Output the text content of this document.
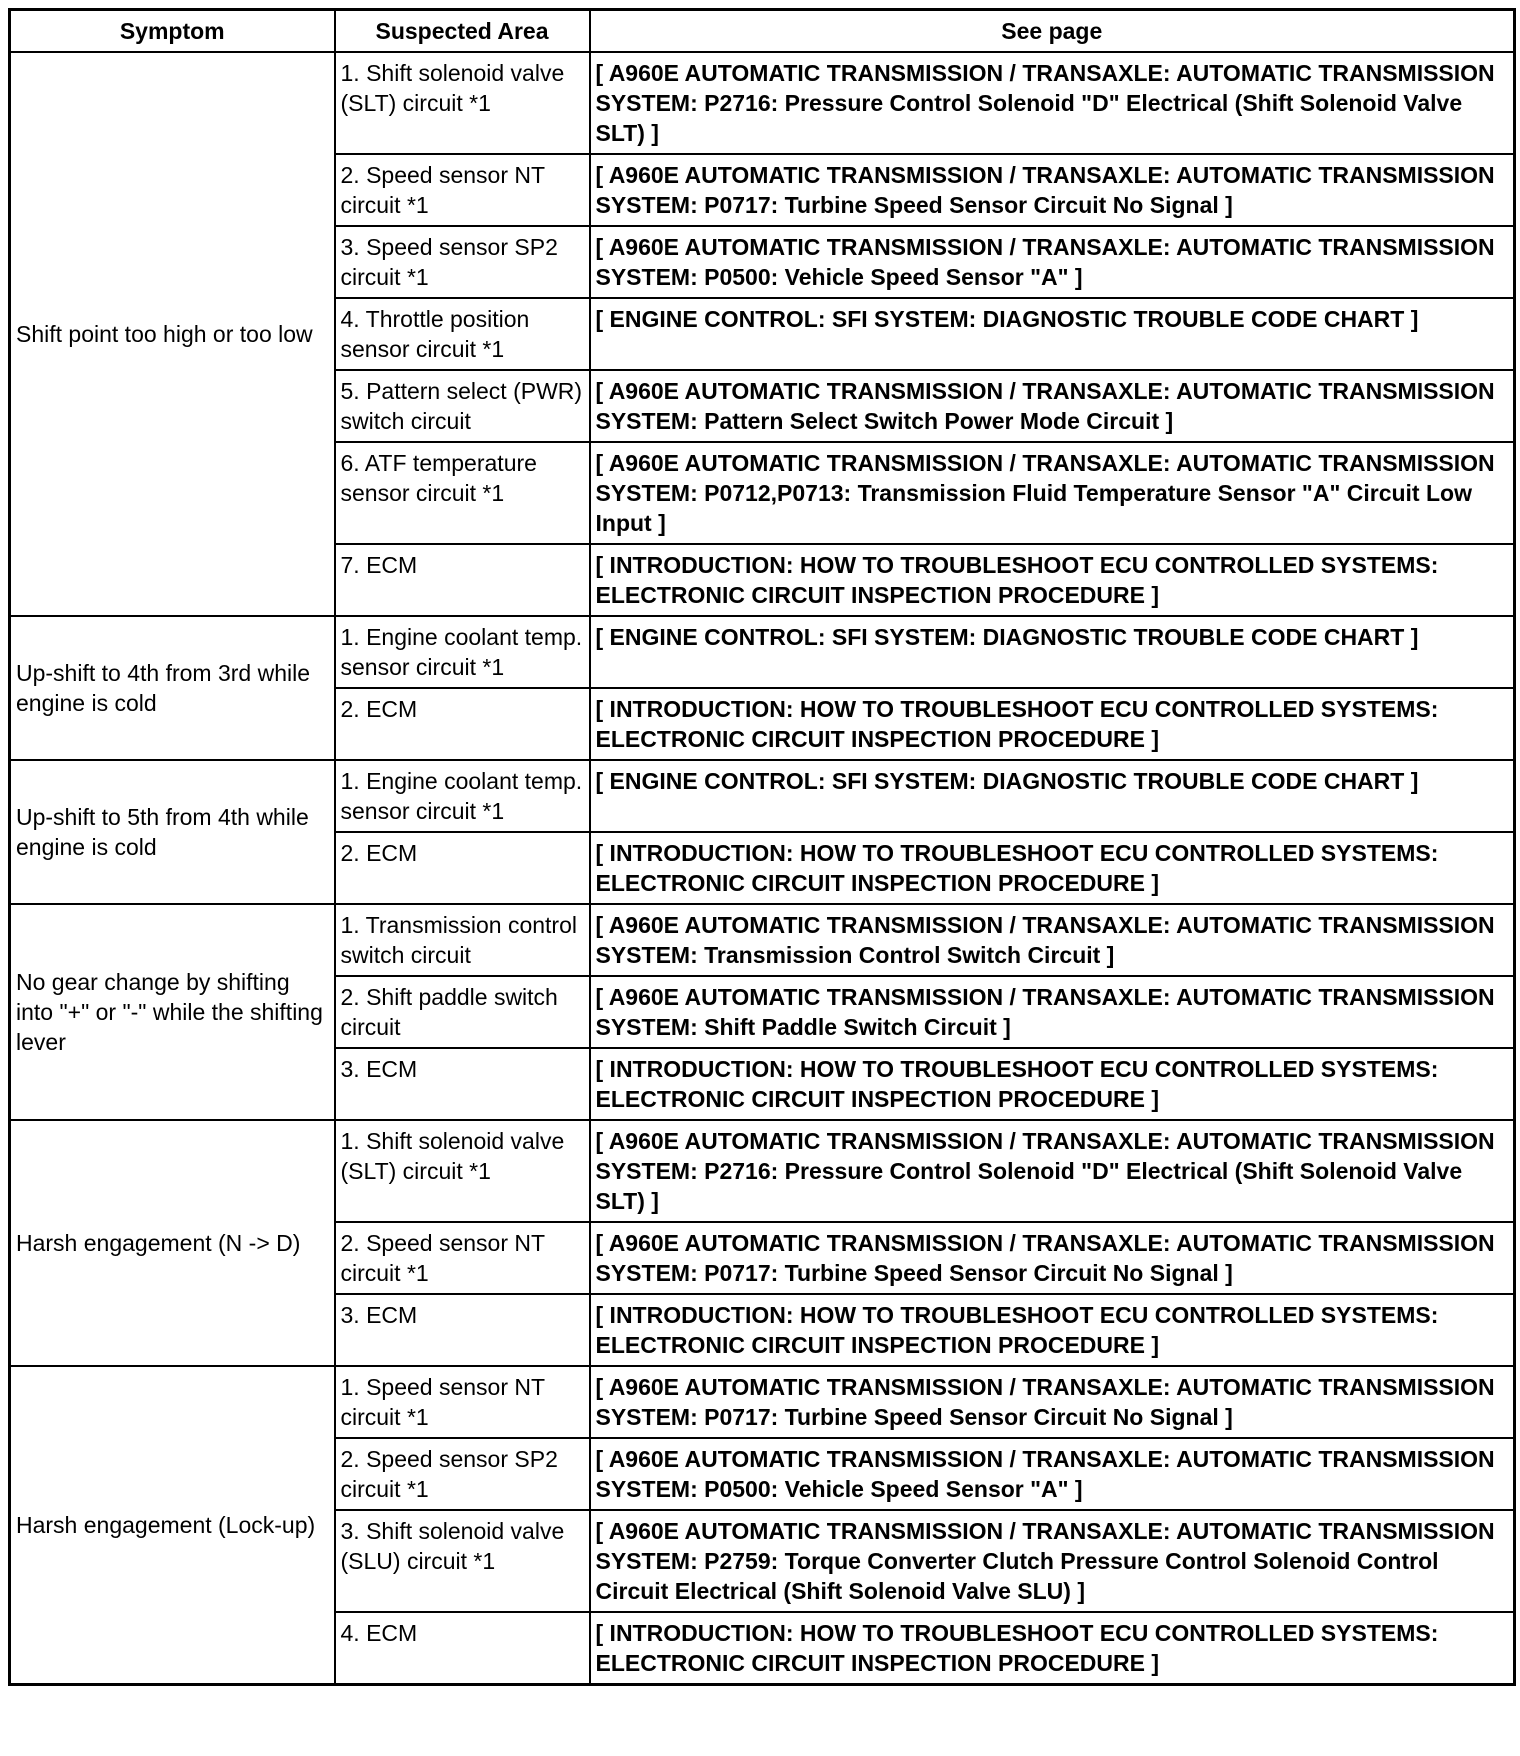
Symptom	Suspected Area	See page
Shift point too high or too low	1. Shift solenoid valve (SLT) circuit *1	[ A960E AUTOMATIC TRANSMISSION / TRANSAXLE: AUTOMATIC TRANSMISSION SYSTEM: P2716: Pressure Control Solenoid "D" Electrical (Shift Solenoid Valve SLT) ]
	2. Speed sensor NT circuit *1	[ A960E AUTOMATIC TRANSMISSION / TRANSAXLE: AUTOMATIC TRANSMISSION SYSTEM: P0717: Turbine Speed Sensor Circuit No Signal ]
	3. Speed sensor SP2 circuit *1	[ A960E AUTOMATIC TRANSMISSION / TRANSAXLE: AUTOMATIC TRANSMISSION SYSTEM: P0500: Vehicle Speed Sensor "A" ]
	4. Throttle position sensor circuit *1	[ ENGINE CONTROL: SFI SYSTEM: DIAGNOSTIC TROUBLE CODE CHART ]
	5. Pattern select (PWR) switch circuit	[ A960E AUTOMATIC TRANSMISSION / TRANSAXLE: AUTOMATIC TRANSMISSION SYSTEM: Pattern Select Switch Power Mode Circuit ]
	6. ATF temperature sensor circuit *1	[ A960E AUTOMATIC TRANSMISSION / TRANSAXLE: AUTOMATIC TRANSMISSION SYSTEM: P0712,P0713: Transmission Fluid Temperature Sensor "A" Circuit Low Input ]
	7. ECM	[ INTRODUCTION: HOW TO TROUBLESHOOT ECU CONTROLLED SYSTEMS: ELECTRONIC CIRCUIT INSPECTION PROCEDURE ]
Up-shift to 4th from 3rd while engine is cold	1. Engine coolant temp. sensor circuit *1	[ ENGINE CONTROL: SFI SYSTEM: DIAGNOSTIC TROUBLE CODE CHART ]
	2. ECM	[ INTRODUCTION: HOW TO TROUBLESHOOT ECU CONTROLLED SYSTEMS: ELECTRONIC CIRCUIT INSPECTION PROCEDURE ]
Up-shift to 5th from 4th while engine is cold	1. Engine coolant temp. sensor circuit *1	[ ENGINE CONTROL: SFI SYSTEM: DIAGNOSTIC TROUBLE CODE CHART ]
	2. ECM	[ INTRODUCTION: HOW TO TROUBLESHOOT ECU CONTROLLED SYSTEMS: ELECTRONIC CIRCUIT INSPECTION PROCEDURE ]
No gear change by shifting into "+" or "-" while the shifting lever	1. Transmission control switch circuit	[ A960E AUTOMATIC TRANSMISSION / TRANSAXLE: AUTOMATIC TRANSMISSION SYSTEM: Transmission Control Switch Circuit ]
	2. Shift paddle switch circuit	[ A960E AUTOMATIC TRANSMISSION / TRANSAXLE: AUTOMATIC TRANSMISSION SYSTEM: Shift Paddle Switch Circuit ]
	3. ECM	[ INTRODUCTION: HOW TO TROUBLESHOOT ECU CONTROLLED SYSTEMS: ELECTRONIC CIRCUIT INSPECTION PROCEDURE ]
Harsh engagement (N -> D)	1. Shift solenoid valve (SLT) circuit *1	[ A960E AUTOMATIC TRANSMISSION / TRANSAXLE: AUTOMATIC TRANSMISSION SYSTEM: P2716: Pressure Control Solenoid "D" Electrical (Shift Solenoid Valve SLT) ]
	2. Speed sensor NT circuit *1	[ A960E AUTOMATIC TRANSMISSION / TRANSAXLE: AUTOMATIC TRANSMISSION SYSTEM: P0717: Turbine Speed Sensor Circuit No Signal ]
	3. ECM	[ INTRODUCTION: HOW TO TROUBLESHOOT ECU CONTROLLED SYSTEMS: ELECTRONIC CIRCUIT INSPECTION PROCEDURE ]
Harsh engagement (Lock-up)	1. Speed sensor NT circuit *1	[ A960E AUTOMATIC TRANSMISSION / TRANSAXLE: AUTOMATIC TRANSMISSION SYSTEM: P0717: Turbine Speed Sensor Circuit No Signal ]
	2. Speed sensor SP2 circuit *1	[ A960E AUTOMATIC TRANSMISSION / TRANSAXLE: AUTOMATIC TRANSMISSION SYSTEM: P0500: Vehicle Speed Sensor "A" ]
	3. Shift solenoid valve (SLU) circuit *1	[ A960E AUTOMATIC TRANSMISSION / TRANSAXLE: AUTOMATIC TRANSMISSION SYSTEM: P2759: Torque Converter Clutch Pressure Control Solenoid Control Circuit Electrical (Shift Solenoid Valve SLU) ]
	4. ECM	[ INTRODUCTION: HOW TO TROUBLESHOOT ECU CONTROLLED SYSTEMS: ELECTRONIC CIRCUIT INSPECTION PROCEDURE ]
